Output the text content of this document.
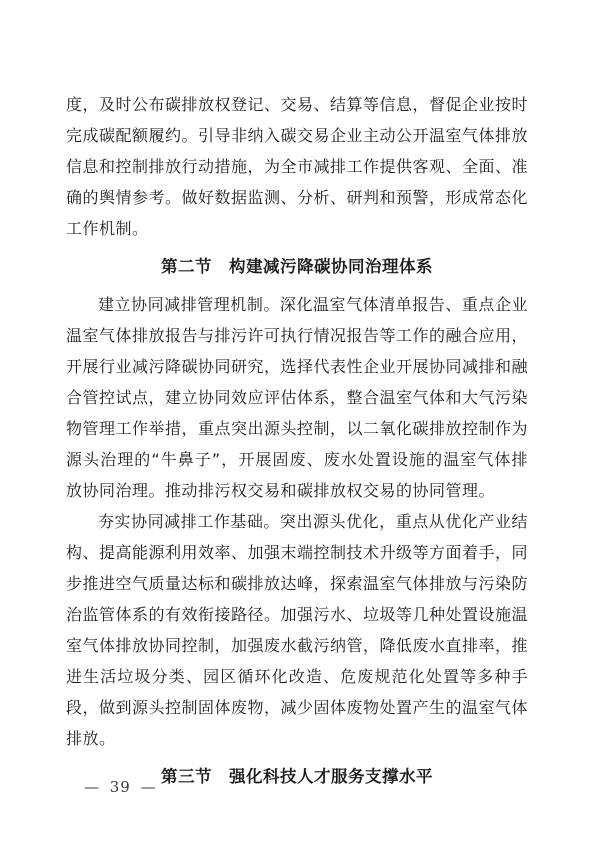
度，及时公布碳排放权登记、交易、结算等信息，督促企业按时完成碳配额履约。引导非纳入碳交易企业主动公开温室气体排放信息和控制排放行动措施，为全市减排工作提供客观、全面、准确的舆情参考。做好数据监测、分析、研判和预警，形成常态化工作机制。

第二节　构建减污降碳协同治理体系

建立协同减排管理机制。深化温室气体清单报告、重点企业温室气体排放报告与排污许可执行情况报告等工作的融合应用，开展行业减污降碳协同研究，选择代表性企业开展协同减排和融合管控试点，建立协同效应评估体系，整合温室气体和大气污染物管理工作举措，重点突出源头控制，以二氧化碳排放控制作为源头治理的“牛鼻子”，开展固废、废水处置设施的温室气体排放协同治理。推动排污权交易和碳排放权交易的协同管理。

夯实协同减排工作基础。突出源头优化，重点从优化产业结构、提高能源利用效率、加强末端控制技术升级等方面着手，同步推进空气质量达标和碳排放达峰，探索温室气体排放与污染防治监管体系的有效衔接路径。加强污水、垃圾等几种处置设施温室气体排放协同控制，加强废水截污纳管，降低废水直排率，推进生活垃圾分类、园区循环化改造、危废规范化处置等多种手段，做到源头控制固体废物，减少固体废物处置产生的温室气体排放。

第三节　强化科技人才服务支撑水平
— 39 —
